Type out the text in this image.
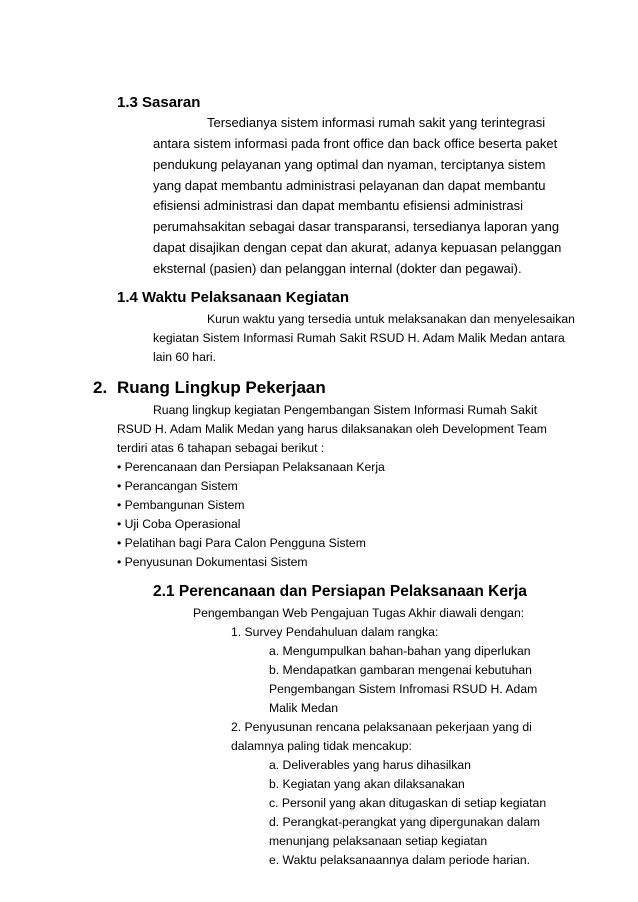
1.3 Sasaran
Tersedianya sistem informasi rumah sakit yang terintegrasi
antara sistem informasi pada front office dan back office beserta paket
pendukung pelayanan yang optimal dan nyaman, terciptanya sistem
yang dapat membantu administrasi pelayanan dan dapat membantu
efisiensi administrasi dan dapat membantu efisiensi administrasi
perumahsakitan sebagai dasar transparansi, tersedianya laporan yang
dapat disajikan dengan cepat dan akurat, adanya kepuasan pelanggan
eksternal (pasien) dan pelanggan internal (dokter dan pegawai).
1.4 Waktu Pelaksanaan Kegiatan
Kurun waktu yang tersedia untuk melaksanakan dan menyelesaikan
kegiatan Sistem Informasi Rumah Sakit RSUD H. Adam Malik Medan antara
lain 60 hari.
2. Ruang Lingkup Pekerjaan
Ruang lingkup kegiatan Pengembangan Sistem Informasi Rumah Sakit
RSUD H. Adam Malik Medan yang harus dilaksanakan oleh Development Team
terdiri atas 6 tahapan sebagai berikut :
• Perencanaan dan Persiapan Pelaksanaan Kerja
• Perancangan Sistem
• Pembangunan Sistem
• Uji Coba Operasional
• Pelatihan bagi Para Calon Pengguna Sistem
• Penyusunan Dokumentasi Sistem
2.1 Perencanaan dan Persiapan Pelaksanaan Kerja
Pengembangan Web Pengajuan Tugas Akhir diawali dengan:
1. Survey Pendahuluan dalam rangka:
a. Mengumpulkan bahan-bahan yang diperlukan
b. Mendapatkan gambaran mengenai kebutuhan
Pengembangan Sistem Infromasi RSUD H. Adam
Malik Medan
2. Penyusunan rencana pelaksanaan pekerjaan yang di
dalamnya paling tidak mencakup:
a. Deliverables yang harus dihasilkan
b. Kegiatan yang akan dilaksanakan
c. Personil yang akan ditugaskan di setiap kegiatan
d. Perangkat-perangkat yang dipergunakan dalam
menunjang pelaksanaan setiap kegiatan
e. Waktu pelaksanaannya dalam periode harian.
